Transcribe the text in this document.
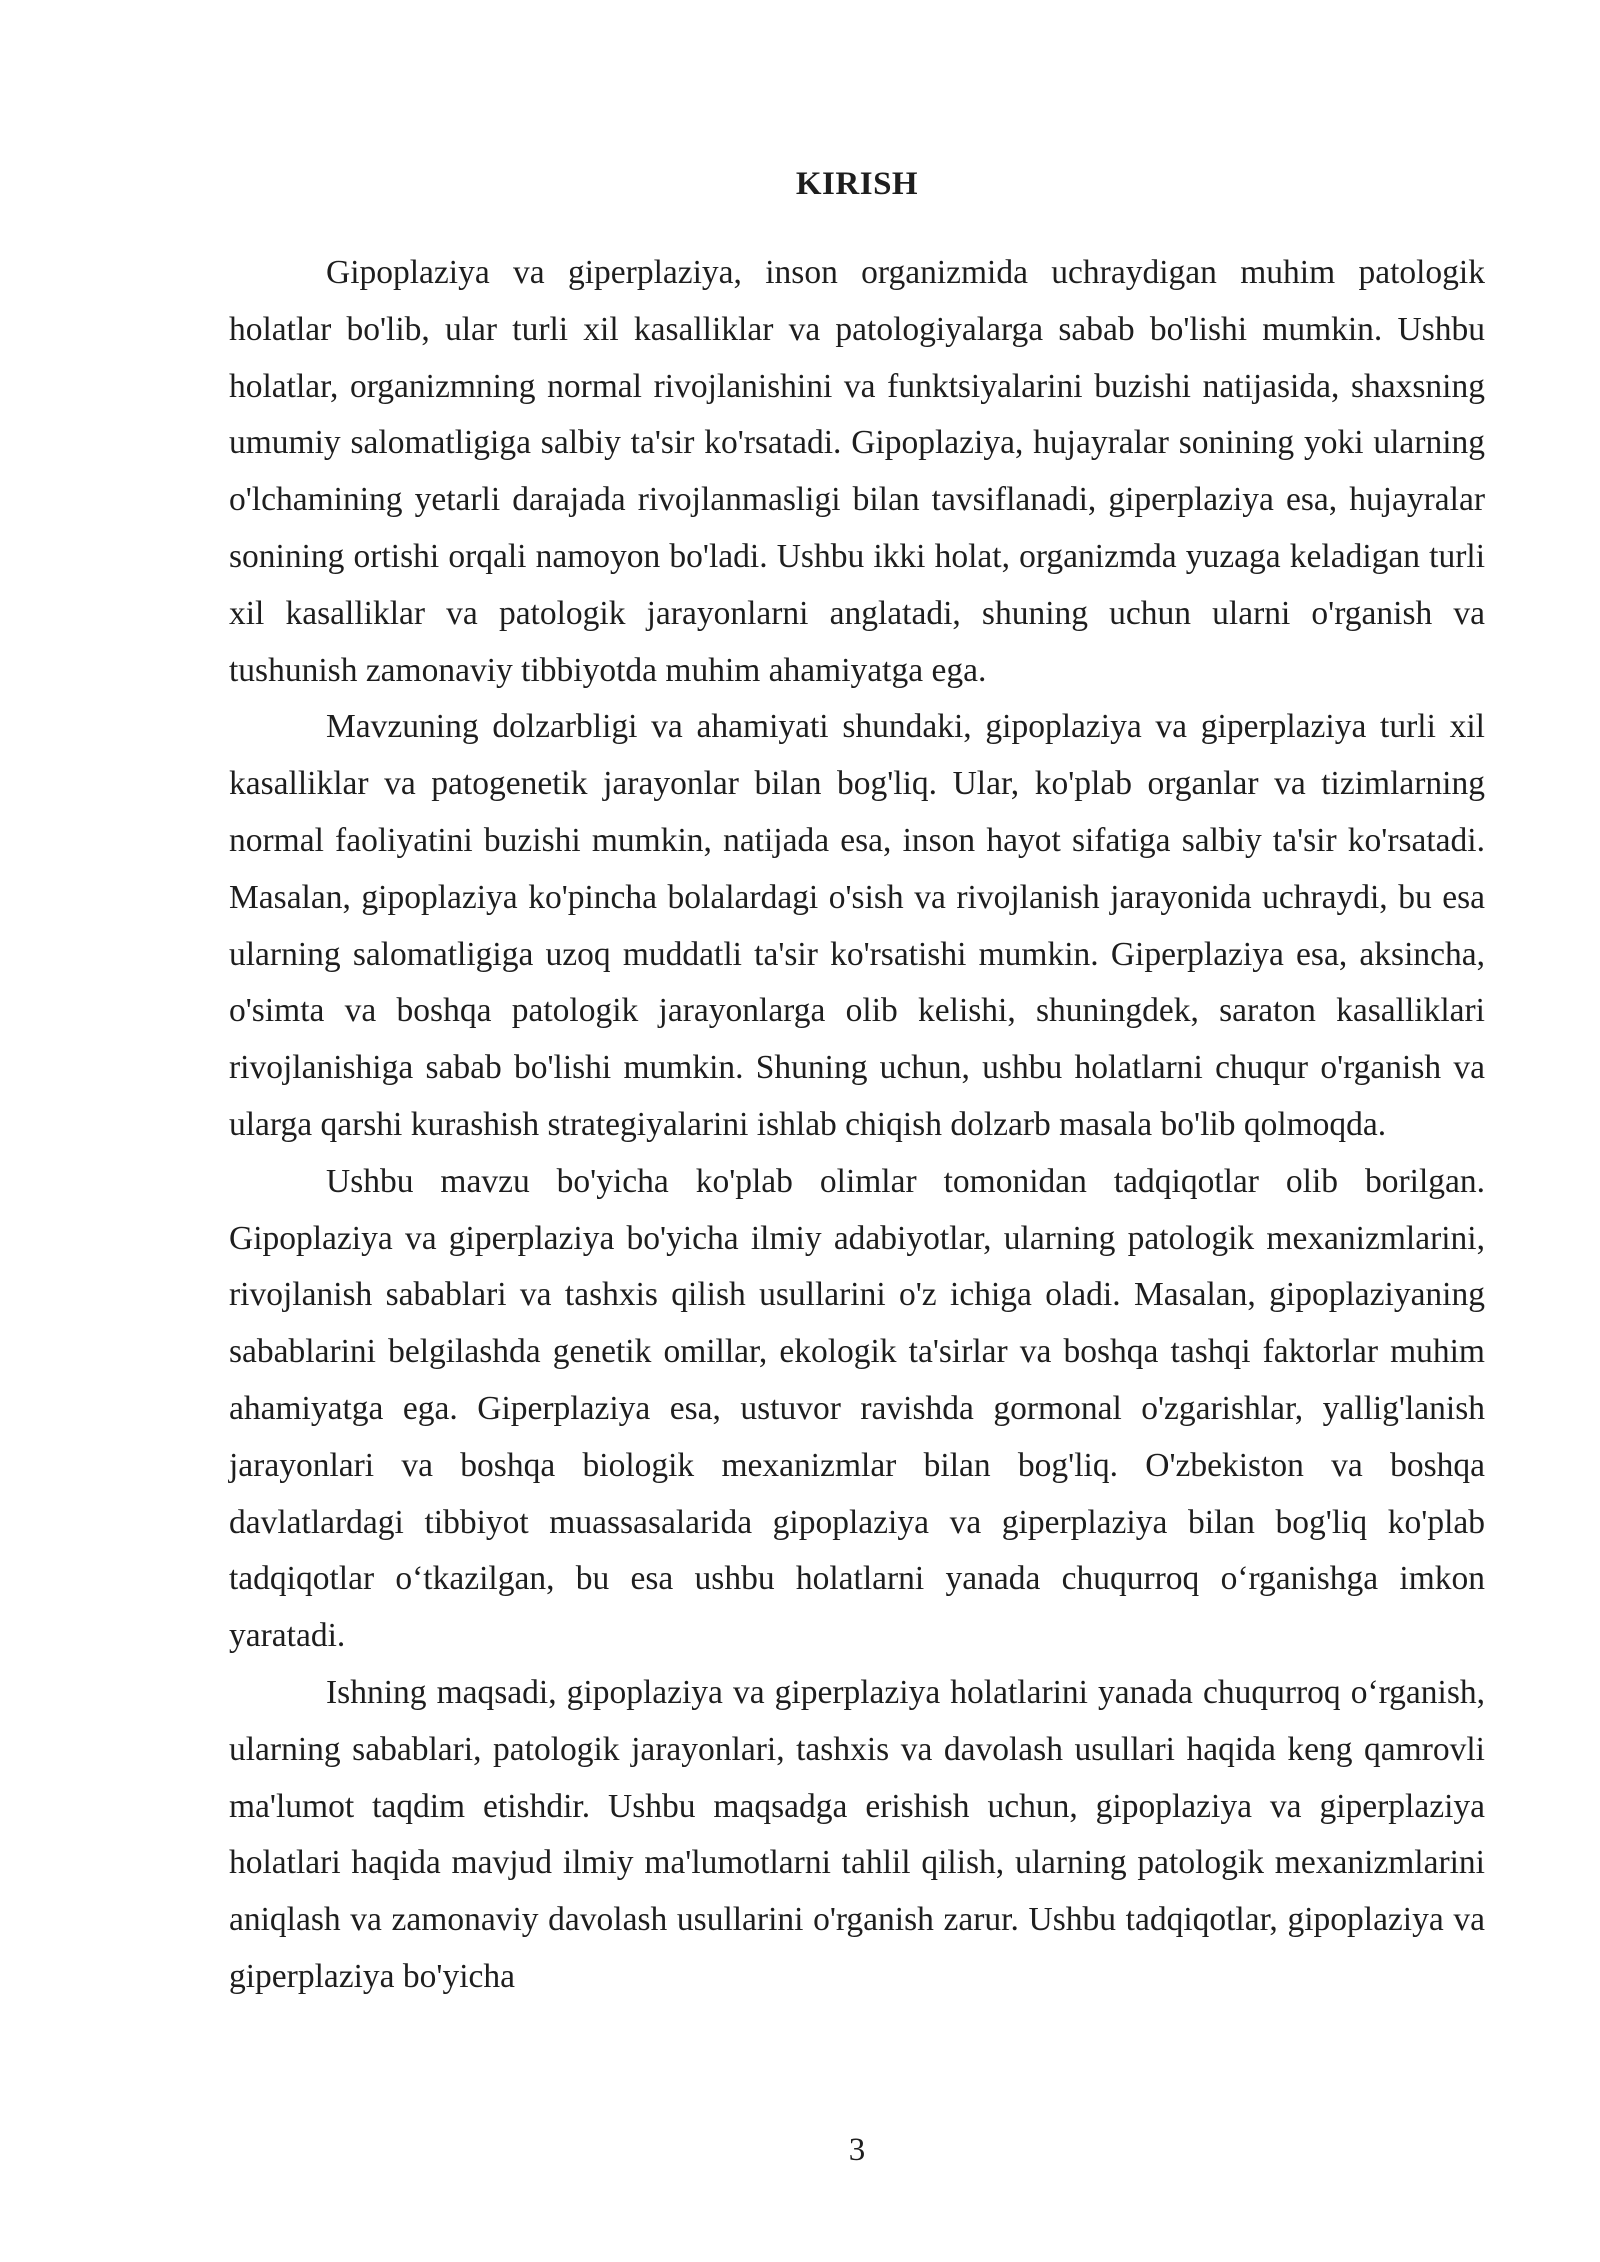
KIRISH

Gipoplaziya va giperplaziya, inson organizmida uchraydigan muhim patologik holatlar bo'lib, ular turli xil kasalliklar va patologiyalarga sabab bo'lishi mumkin. Ushbu holatlar, organizmning normal rivojlanishini va funktsiyalarini buzishi natijasida, shaxsning umumiy salomatligiga salbiy ta'sir ko'rsatadi. Gipoplaziya, hujayralar sonining yoki ularning o'lchamining yetarli darajada rivojlanmasligi bilan tavsiflanadi, giperplaziya esa, hujayralar sonining ortishi orqali namoyon bo'ladi. Ushbu ikki holat, organizmda yuzaga keladigan turli xil kasalliklar va patologik jarayonlarni anglatadi, shuning uchun ularni o'rganish va tushunish zamonaviy tibbiyotda muhim ahamiyatga ega.

Mavzuning dolzarbligi va ahamiyati shundaki, gipoplaziya va giperplaziya turli xil kasalliklar va patogenetik jarayonlar bilan bog'liq. Ular, ko'plab organlar va tizimlarning normal faoliyatini buzishi mumkin, natijada esa, inson hayot sifatiga salbiy ta'sir ko'rsatadi. Masalan, gipoplaziya ko'pincha bolalardagi o'sish va rivojlanish jarayonida uchraydi, bu esa ularning salomatligiga uzoq muddatli ta'sir ko'rsatishi mumkin. Giperplaziya esa, aksincha, o'simta va boshqa patologik jarayonlarga olib kelishi, shuningdek, saraton kasalliklari rivojlanishiga sabab bo'lishi mumkin. Shuning uchun, ushbu holatlarni chuqur o'rganish va ularga qarshi kurashish strategiyalarini ishlab chiqish dolzarb masala bo'lib qolmoqda.

Ushbu mavzu bo'yicha ko'plab olimlar tomonidan tadqiqotlar olib borilgan. Gipoplaziya va giperplaziya bo'yicha ilmiy adabiyotlar, ularning patologik mexanizmlarini, rivojlanish sabablari va tashxis qilish usullarini o'z ichiga oladi. Masalan, gipoplaziyaning sabablarini belgilashda genetik omillar, ekologik ta'sirlar va boshqa tashqi faktorlar muhim ahamiyatga ega. Giperplaziya esa, ustuvor ravishda gormonal o'zgarishlar, yallig'lanish jarayonlari va boshqa biologik mexanizmlar bilan bog'liq. O'zbekiston va boshqa davlatlardagi tibbiyot muassasalarida gipoplaziya va giperplaziya bilan bog'liq ko'plab tadqiqotlar oʻtkazilgan, bu esa ushbu holatlarni yanada chuqurroq oʻrganishga imkon yaratadi.

Ishning maqsadi, gipoplaziya va giperplaziya holatlarini yanada chuqurroq oʻrganish, ularning sabablari, patologik jarayonlari, tashxis va davolash usullari haqida keng qamrovli ma'lumot taqdim etishdir. Ushbu maqsadga erishish uchun, gipoplaziya va giperplaziya holatlari haqida mavjud ilmiy ma'lumotlarni tahlil qilish, ularning patologik mexanizmlarini aniqlash va zamonaviy davolash usullarini o'rganish zarur. Ushbu tadqiqotlar, gipoplaziya va giperplaziya bo'yicha

3
